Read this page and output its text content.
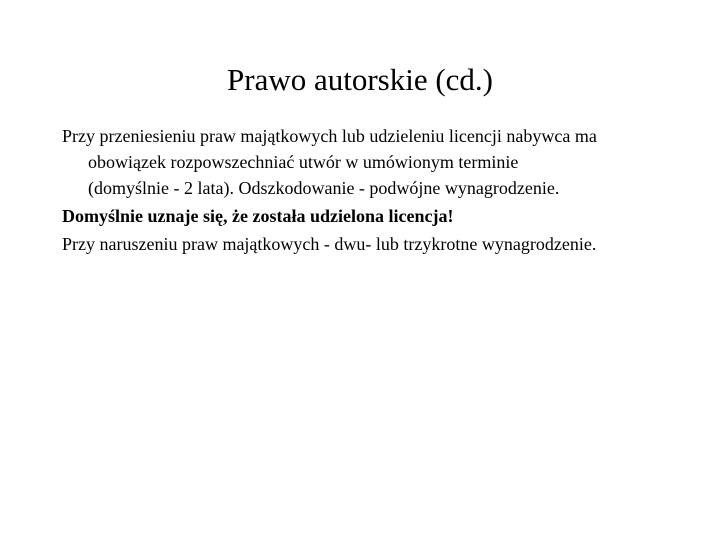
Prawo autorskie (cd.)
Przy przeniesieniu praw majątkowych lub udzieleniu licencji nabywca ma
obowiązek rozpowszechniać utwór w umówionym terminie
(domyślnie - 2 lata). Odszkodowanie - podwójne wynagrodzenie.
Domyślnie uznaje się, że została udzielona licencja!
Przy naruszeniu praw majątkowych - dwu- lub trzykrotne wynagrodzenie.
